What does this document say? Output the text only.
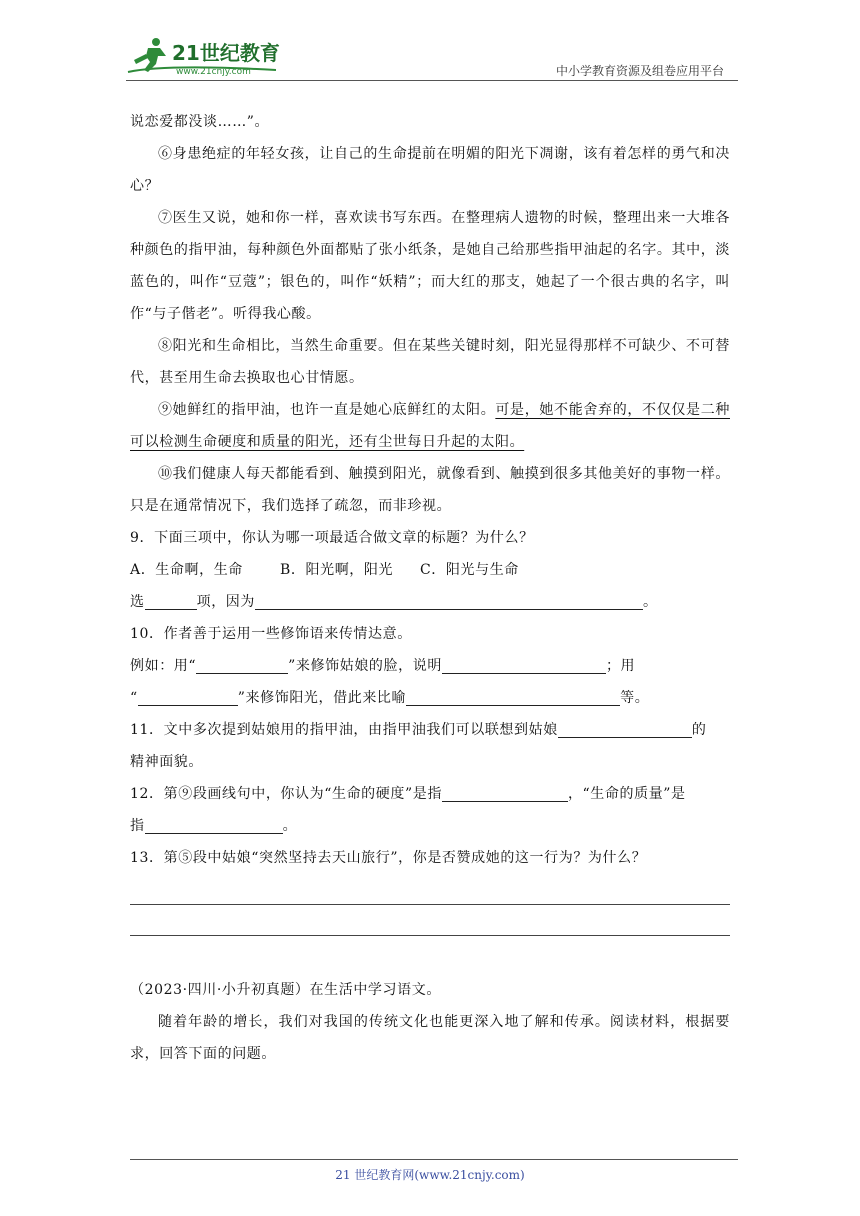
21世纪教育
www.21cnjy.com	中小学教育资源及组卷应用平台

说恋爱都没谈……”。

⑥身患绝症的年轻女孩，让自己的生命提前在明媚的阳光下凋谢，该有着怎样的勇气和决心？

⑦医生又说，她和你一样，喜欢读书写东西。在整理病人遗物的时候，整理出来一大堆各种颜色的指甲油，每种颜色外面都贴了张小纸条，是她自己给那些指甲油起的名字。其中，淡蓝色的，叫作“豆蔻”；银色的，叫作“妖精”；而大红的那支，她起了一个很古典的名字，叫作“与子偕老”。听得我心酸。

⑧阳光和生命相比，当然生命重要。但在某些关键时刻，阳光显得那样不可缺少、不可替代，甚至用生命去换取也心甘情愿。

⑨她鲜红的指甲油，也许一直是她心底鲜红的太阳。可是，她不能舍弃的，不仅仅是二种可以检测生命硬度和质量的阳光，还有尘世每日升起的太阳。

⑩我们健康人每天都能看到、触摸到阳光，就像看到、触摸到很多其他美好的事物一样。只是在通常情况下，我们选择了疏忽，而非珍视。

9．下面三项中，你认为哪一项最适合做文章的标题？为什么？

A．生命啊，生命	B．阳光啊，阳光 C．阳光与生命

选	项，因为	。

10．作者善于运用一些修饰语来传情达意。

例如：用“	”来修饰姑娘的脸，说明	；用

“	”来修饰阳光，借此来比喻	等。

11．文中多次提到姑娘用的指甲油，由指甲油我们可以联想到姑娘	的

精神面貌。

12．第⑨段画线句中，你认为“生命的硬度”是指	，“生命的质量”是

指	。

13．第⑤段中姑娘“突然坚持去天山旅行”，你是否赞成她的这一行为？为什么？

（2023·四川·小升初真题）在生活中学习语文。

随着年龄的增长，我们对我国的传统文化也能更深入地了解和传承。阅读材料，根据要求，回答下面的问题。

21 世纪教育网(www.21cnjy.com)
